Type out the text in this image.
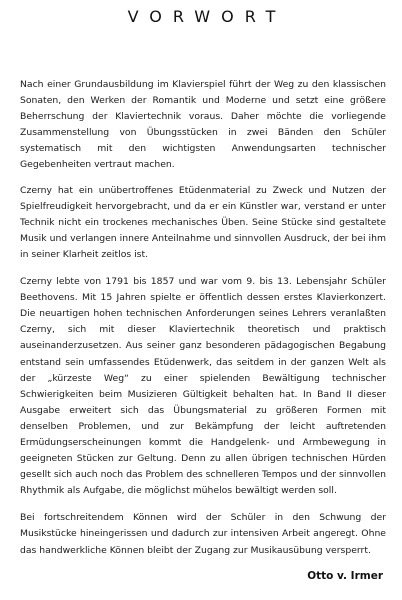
VORWORT

Nach einer Grundausbildung im Klavierspiel führt der Weg zu den klassischen Sonaten, den Werken der Romantik und Moderne und setzt eine größere Beherrschung der Klaviertechnik voraus. Daher möchte die vorliegende Zusammenstellung von Übungsstücken in zwei Bänden den Schüler systematisch mit den wichtigsten Anwendungsarten technischer Gegebenheiten vertraut machen.

Czerny hat ein unübertroffenes Etüdenmaterial zu Zweck und Nutzen der Spielfreudigkeit hervorgebracht, und da er ein Künstler war, verstand er unter Technik nicht ein trockenes mechanisches Üben. Seine Stücke sind gestaltete Musik und verlangen innere Anteilnahme und sinnvollen Ausdruck, der bei ihm in seiner Klarheit zeitlos ist.

Czerny lebte von 1791 bis 1857 und war vom 9. bis 13. Lebensjahr Schüler Beethovens. Mit 15 Jahren spielte er öffentlich dessen erstes Klavierkonzert. Die neuartigen hohen technischen Anforderungen seines Lehrers veranlaßten Czerny, sich mit dieser Klaviertechnik theoretisch und praktisch auseinanderzusetzen. Aus seiner ganz besonderen pädagogischen Begabung entstand sein umfassendes Etüdenwerk, das seitdem in der ganzen Welt als der „kürzeste Weg“ zu einer spielenden Bewältigung technischer Schwierigkeiten beim Musizieren Gültigkeit behalten hat. In Band II dieser Ausgabe erweitert sich das Übungsmaterial zu größeren Formen mit denselben Problemen, und zur Bekämpfung der leicht auftretenden Ermüdungserscheinungen kommt die Handgelenk- und Armbewegung in geeigneten Stücken zur Geltung. Denn zu allen übrigen technischen Hürden gesellt sich auch noch das Problem des schnelleren Tempos und der sinnvollen Rhythmik als Aufgabe, die möglichst mühelos bewältigt werden soll.

Bei fortschreitendem Können wird der Schüler in den Schwung der Musikstücke hineingerissen und dadurch zur intensiven Arbeit angeregt. Ohne das handwerkliche Können bleibt der Zugang zur Musikausübung versperrt.

Otto v. Irmer
